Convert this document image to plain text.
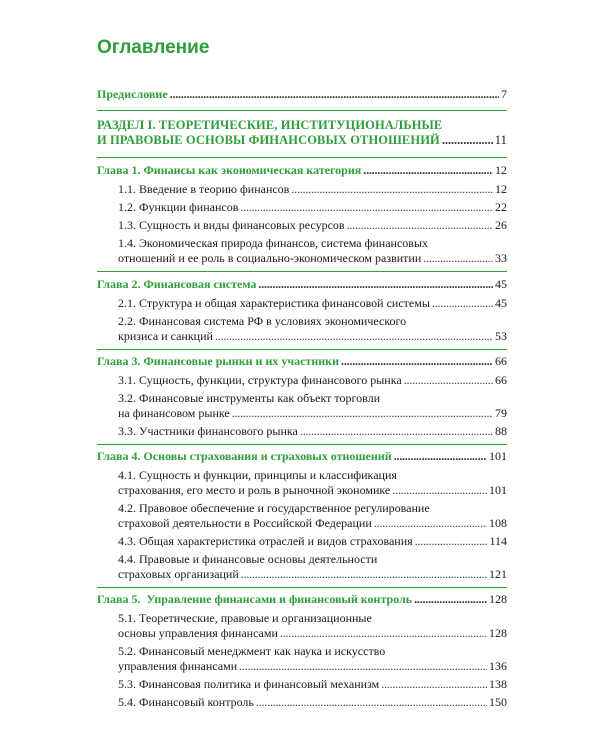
Оглавление
Предисловие . . .	7
РАЗДЕЛ I. ТЕОРЕТИЧЕСКИЕ, ИНСТИТУЦИОНАЛЬНЫЕ
И ПРАВОВЫЕ ОСНОВЫ ФИНАНСОВЫХ ОТНОШЕНИЙ . . .	11
Глава 1. Финансы как экономическая категория . . .	12
1.1. Введение в теорию финансов . . .	12
1.2. Функции финансов . . .	22
1.3. Сущность и виды финансовых ресурсов . . .	26
1.4. Экономическая природа финансов, система финансовых
отношений и ее роль в социально-экономическом развитии . . .	33
Глава 2. Финансовая система . . .	45
2.1. Структура и общая характеристика финансовой системы . . .	45
2.2. Финансовая система РФ в условиях экономического
кризиса и санкций . . .	53
Глава 3. Финансовые рынки и их участники . . .	66
3.1. Сущность, функции, структура финансового рынка . . .	66
3.2. Финансовые инструменты как объект торговли
на финансовом рынке . . .	79
3.3. Участники финансового рынка . . .	88
Глава 4. Основы страхования и страховых отношений . . .	101
4.1. Сущность и функции, принципы и классификация
страхования, его место и роль в рыночной экономике . . .	101
4.2. Правовое обеспечение и государственное регулирование
страховой деятельности в Российской Федерации . . .	108
4.3. Общая характеристика отраслей и видов страхования . . .	114
4.4. Правовые и финансовые основы деятельности
страховых организаций . . .	121
Глава 5.  Управление финансами и финансовый контроль . . .	128
5.1. Теоретические, правовые и организационные
основы управления финансами . . .	128
5.2. Финансовый менеджмент как наука и искусство
управления финансами . . .	136
5.3. Финансовая политика и финансовый механизм . . .	138
5.4. Финансовый контроль . . .	150
